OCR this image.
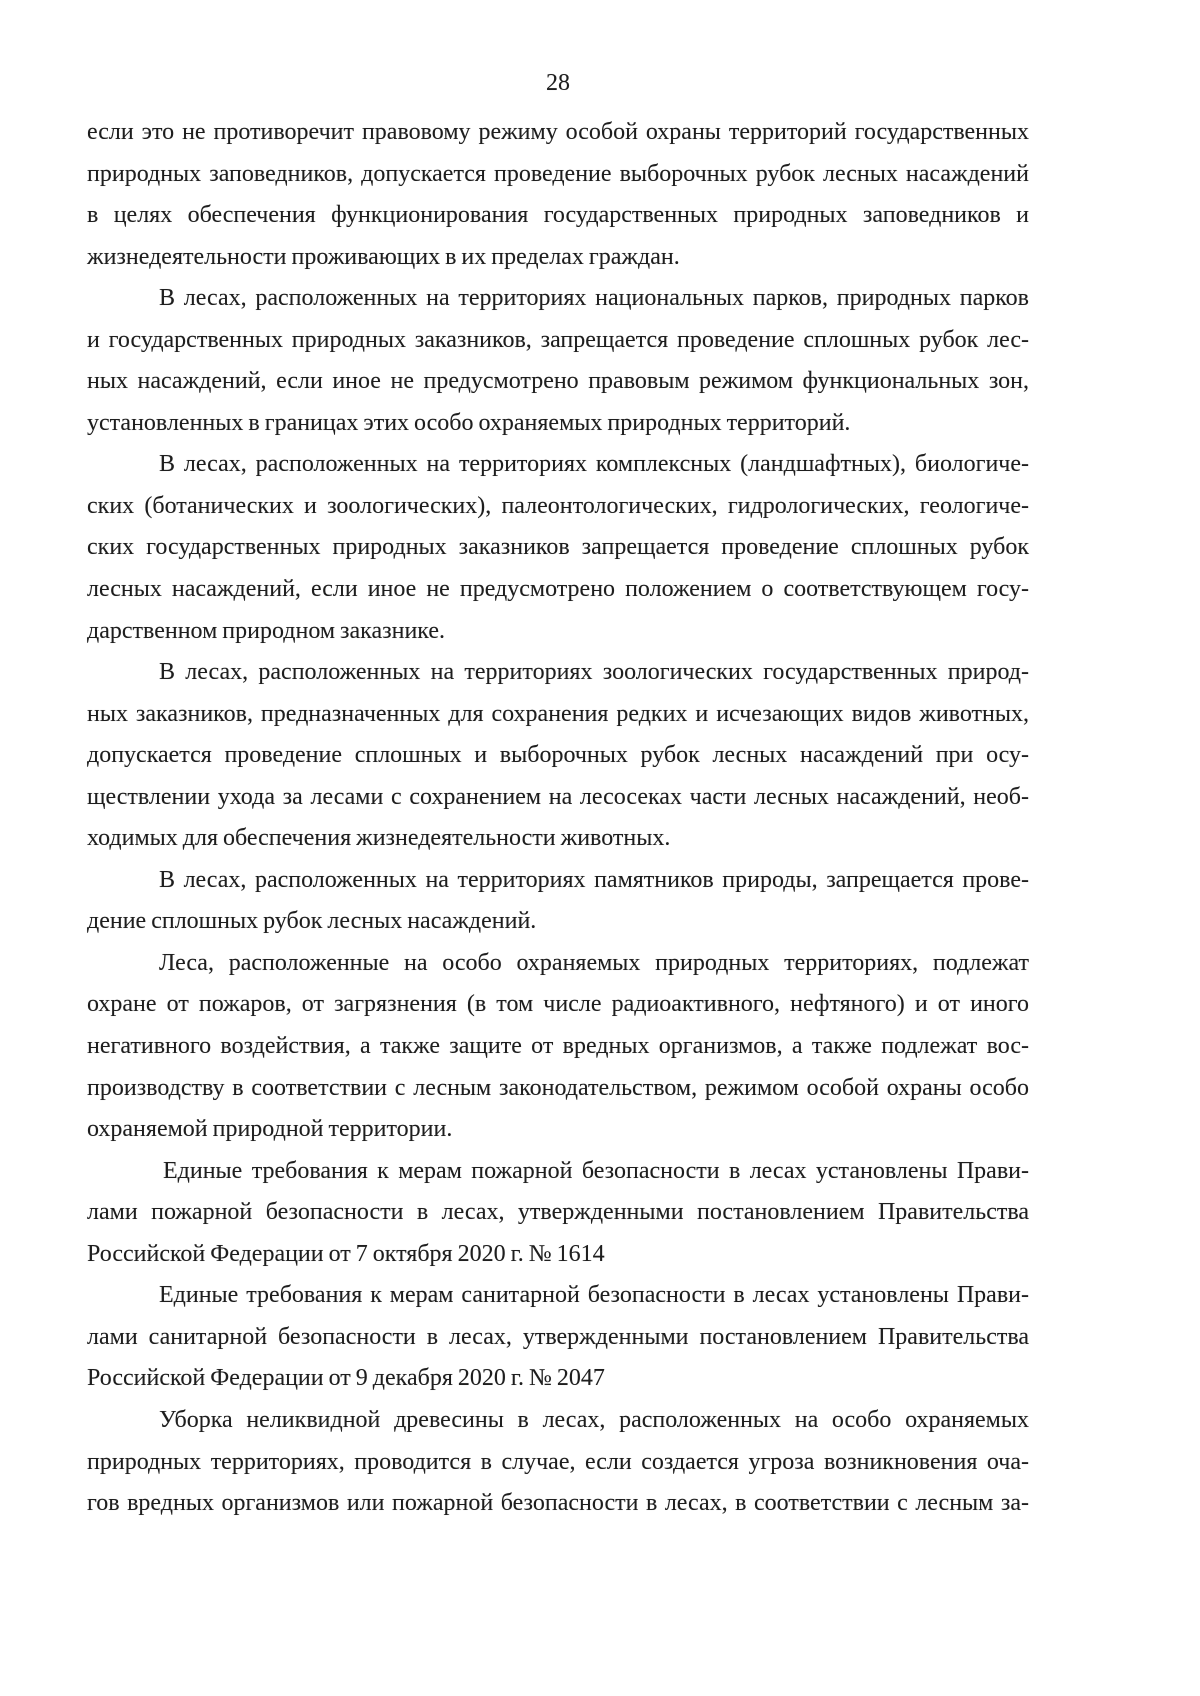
28
если это не противоречит правовому режиму особой охраны территорий государственных
природных заповедников, допускается проведение выборочных рубок лесных насаждений
в целях обеспечения функционирования государственных природных заповедников и
жизнедеятельности проживающих в их пределах граждан.
В лесах, расположенных на территориях национальных парков, природных парков
и государственных природных заказников, запрещается проведение сплошных рубок лес-
ных насаждений, если иное не предусмотрено правовым режимом функциональных зон,
установленных в границах этих особо охраняемых природных территорий.
В лесах, расположенных на территориях комплексных (ландшафтных), биологиче-
ских (ботанических и зоологических), палеонтологических, гидрологических, геологиче-
ских государственных природных заказников запрещается проведение сплошных рубок
лесных насаждений, если иное не предусмотрено положением о соответствующем госу-
дарственном природном заказнике.
В лесах, расположенных на территориях зоологических государственных природ-
ных заказников, предназначенных для сохранения редких и исчезающих видов животных,
допускается проведение сплошных и выборочных рубок лесных насаждений при осу-
ществлении ухода за лесами с сохранением на лесосеках части лесных насаждений, необ-
ходимых для обеспечения жизнедеятельности животных.
В лесах, расположенных на территориях памятников природы, запрещается прове-
дение сплошных рубок лесных насаждений.
Леса, расположенные на особо охраняемых природных территориях, подлежат
охране от пожаров, от загрязнения (в том числе радиоактивного, нефтяного) и от иного
негативного воздействия, а также защите от вредных организмов, а также подлежат вос-
производству в соответствии с лесным законодательством, режимом особой охраны особо
охраняемой природной территории.
Единые требования к мерам пожарной безопасности в лесах установлены Прави-
лами пожарной безопасности в лесах, утвержденными постановлением Правительства
Российской Федерации от 7 октября 2020 г. № 1614
Единые требования к мерам санитарной безопасности в лесах установлены Прави-
лами санитарной безопасности в лесах, утвержденными постановлением Правительства
Российской Федерации от 9 декабря 2020 г. № 2047
Уборка неликвидной древесины в лесах, расположенных на особо охраняемых
природных территориях, проводится в случае, если создается угроза возникновения оча-
гов вредных организмов или пожарной безопасности в лесах, в соответствии с лесным за-
